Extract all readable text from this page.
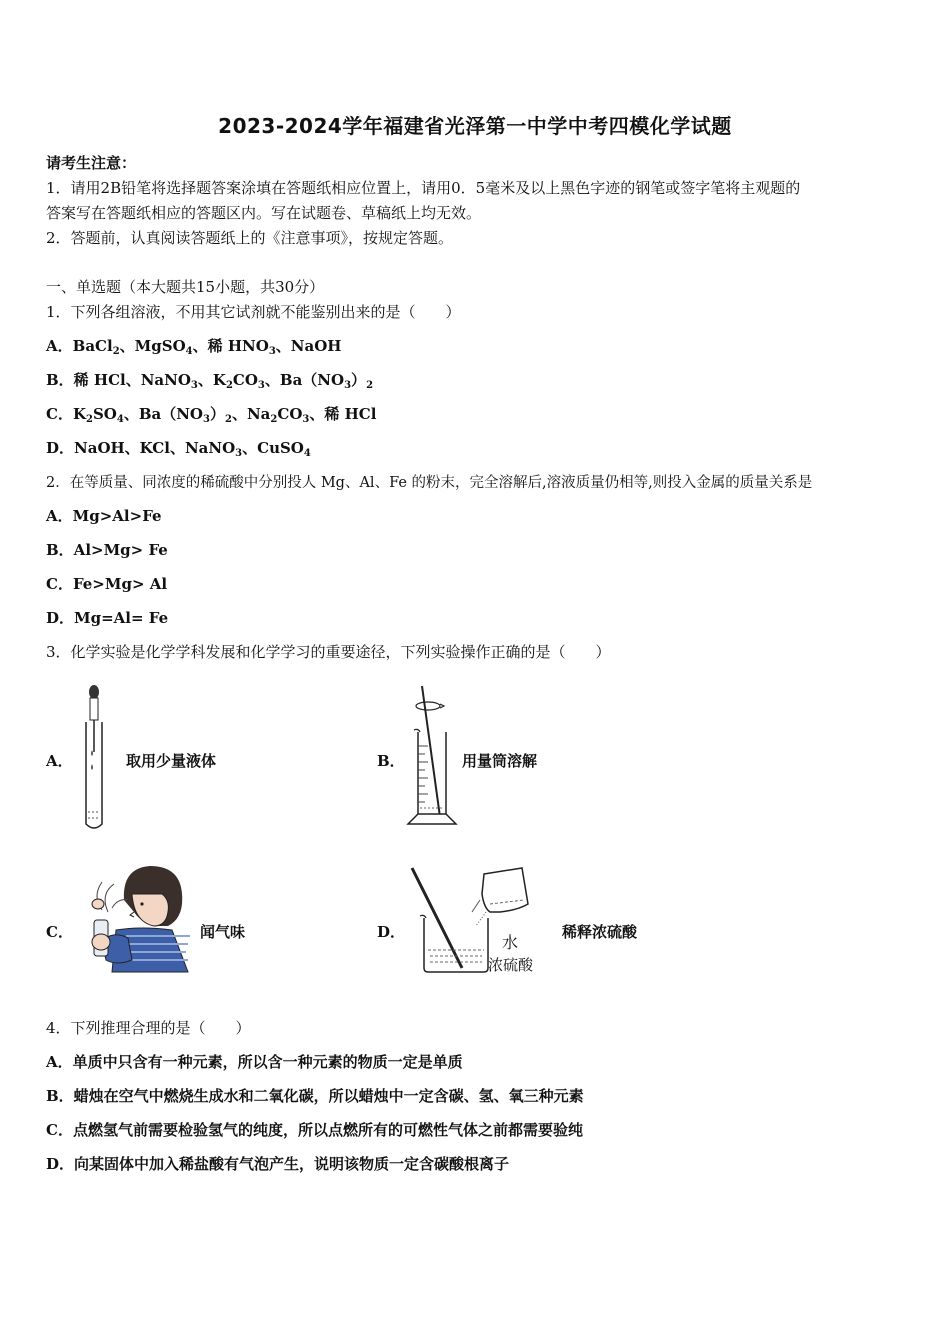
2023-2024学年福建省光泽第一中学中考四模化学试题
请考生注意：
1．请用2B铅笔将选择题答案涂填在答题纸相应位置上，请用0．5毫米及以上黑色字迹的钢笔或签字笔将主观题的
答案写在答题纸相应的答题区内。写在试题卷、草稿纸上均无效。
2．答题前，认真阅读答题纸上的《注意事项》，按规定答题。
一、单选题（本大题共15小题，共30分）
1．下列各组溶液，不用其它试剂就不能鉴别出来的是（　　）
A．BaCl$_2$、MgSO$_4$、稀 $HNO_3$、NaOH
B．稀 HCl、NaNO$_3$、$K_2CO_3$、$Ba(NO_3)_2$
C．$K_2SO_4$、$Ba(NO_3)_2$、$Na_2CO_3$、稀 HCl
D．NaOH、KCl、NaNO$_3$、CuSO$_4$
2．在等质量、同浓度的稀硫酸中分别投人 Mg、Al、Fe 的粉末，完全溶解后,溶液质量仍相等,则投入金属的质量关系是
A．Mg>Al>Fe
B．Al>Mg> Fe
C．Fe>Mg> Al
D．Mg=Al= Fe
3．化学实验是化学学科发展和化学学习的重要途径，下列实验操作正确的是（　　）
A．	取用少量液体	B．	用量筒溶解
C．	闻气味	D．
水
浓硫酸
稀释浓硫酸
4．下列推理合理的是（　　）
A．单质中只含有一种元素，所以含一种元素的物质一定是单质
B．蜡烛在空气中燃烧生成水和二氧化碳，所以蜡烛中一定含碳、氢、氧三种元素
C．点燃氢气前需要检验氢气的纯度，所以点燃所有的可燃性气体之前都需要验纯
D．向某固体中加入稀盐酸有气泡产生，说明该物质一定含碳酸根离子
